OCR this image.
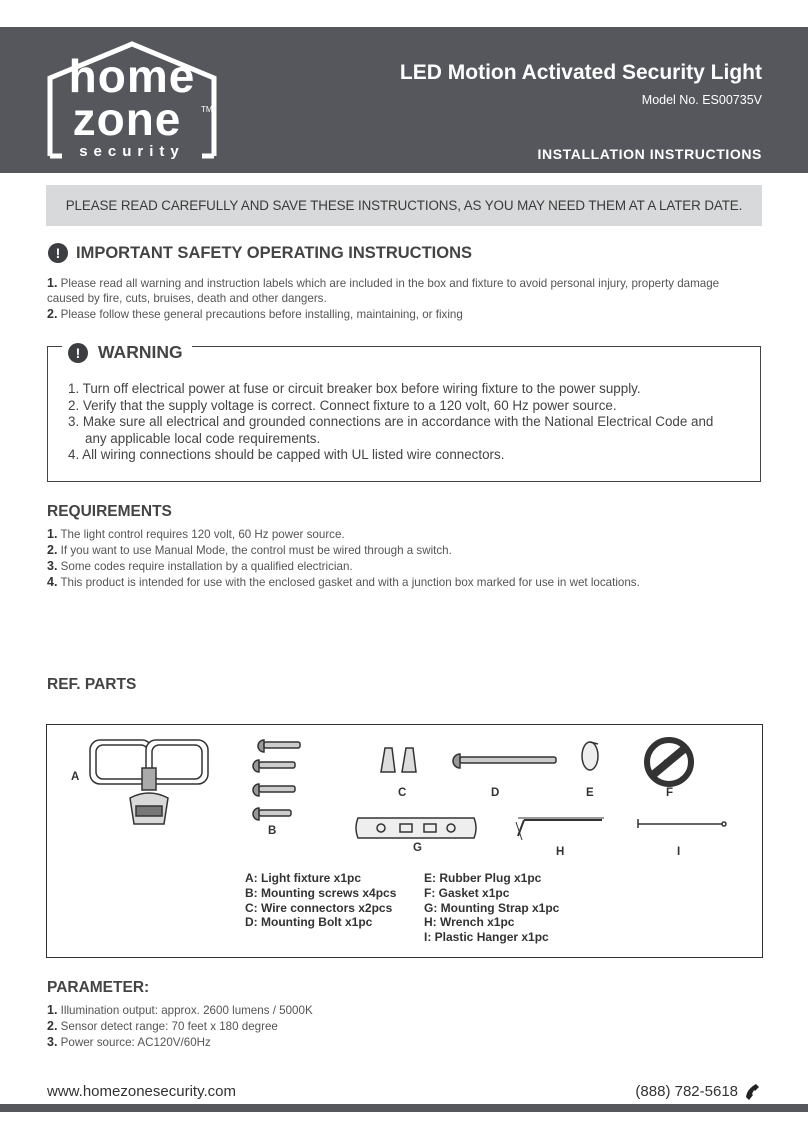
home
zone TM
security
LED Motion Activated Security Light
Model No. ES00735V
INSTALLATION INSTRUCTIONS
PLEASE READ CAREFULLY AND SAVE THESE INSTRUCTIONS, AS YOU MAY NEED THEM AT A LATER DATE.
! IMPORTANT SAFETY OPERATING INSTRUCTIONS
1. Please read all warning and instruction labels which are included in the box and fixture to avoid personal injury, property damage
caused by fire, cuts, bruises, death and other dangers.
2. Please follow these general precautions before installing, maintaining, or fixing
!	WARNING
1. Turn off electrical power at fuse or circuit breaker box before wiring fixture to the power supply.
2. Verify that the supply voltage is correct. Connect fixture to a 120 volt, 60 Hz power source.
3. Make sure all electrical and grounded connections are in accordance with the National Electrical Code and
any applicable local code requirements.
4. All wiring connections should be capped with UL listed wire connectors.
REQUIREMENTS
1. The light control requires 120 volt, 60 Hz power source.
2. If you want to use Manual Mode, the control must be wired through a switch.
3. Some codes require installation by a qualified electrician.
4. This product is intended for use with the enclosed gasket and with a junction box marked for use in wet locations.
REF. PARTS
A
B
C	D	E	F
G	H	I
A: Light fixture x1pc
B: Mounting screws x4pcs
C: Wire connectors x2pcs
D: Mounting Bolt x1pc
E: Rubber Plug x1pc
F: Gasket x1pc
G: Mounting Strap x1pc
H: Wrench x1pc
I: Plastic Hanger x1pc
PARAMETER:
1. Illumination output: approx. 2600 lumens / 5000K
2. Sensor detect range: 70 feet x 180 degree
3. Power source: AC120V/60Hz
www.homezonesecurity.com	(888) 782-5618
